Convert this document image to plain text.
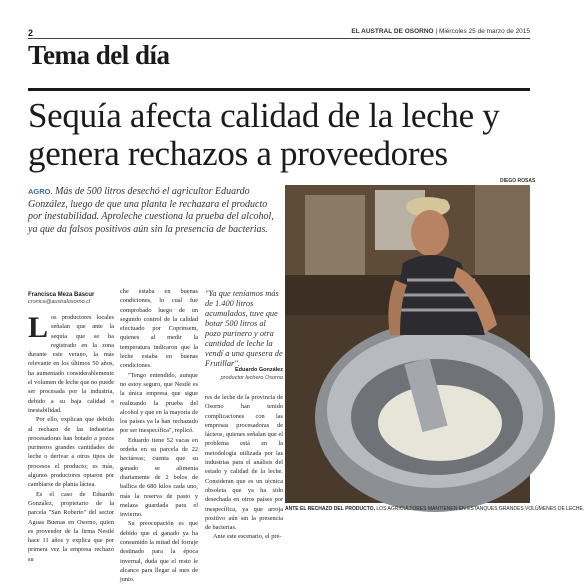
2	EL AUSTRAL DE OSORNO | Miércoles 25 de marzo de 2015
Tema del día
Sequía afecta calidad de la leche y genera rechazos a proveedores
AGRO. Más de 500 litros desechó el agricultor Eduardo González, luego de que una planta le rechazara el producto por inestabilidad. Aproleche cuestiona la prueba del alcohol, ya que da falsos positivos aún sin la presencia de bacterias.
Francisca Meza Bascur
cronica@australosorno.cl
L os productores locales señalan que ante la sequía que se ha registrado en la zona durante este verano, la más relevante en los últimos 50 años, ha aumentado considerablemente el volumen de leche que no puede ser procesada por la industria, debido a su baja calidad e inestabilidad.

Por ello, explican que debido al rechazo de las industrias procesadoras han botado a pozos purineros grandes cantidades de leche o derivar a otros tipos de procesos el producto; es más, algunos productores optaron por cambiarse de planta láctea.

Es el caso de Eduardo González, propietario de la parcela "San Roberto" del sector Aguas Buenas en Osorno, quien es proveedor de la firma Nestlé hace 11 años y explica que por primera vez la empresa rechazó su

che estaba en buenas condiciones, lo cual fue comprobado luego de un segundo control de la calidad efectuado por Coprinsem, quienes al medir la temperatura indicaron que la leche estaba en buenas condiciones.

"Tengo entendido, aunque no estoy seguro, que Nestlé es la única empresa que sigue realizando la prueba del alcohol y que en la mayoría de los países ya la han rechazado por ser inespecífica", replicó.

Eduardo tiene 52 vacas en ordeña en su parcela de 22 hectáreas; cuenta que su ganado se alimenta diariamente de 2 bolos de ballica de 680 kilos cada uno, más la reserva de pasto y melaza guardada para el invierno.

Su preocupación es que debido que el ganado ya ha consumido la mitad del forraje destinado para la época invernal, duda que el resto le alcance para llegar al mes de junio.

"Ya que teníamos más de 1.400 litros acumulados, tuve que botar 500 litros al pozo purinero y otra cantidad de leche la vendí a una quesera de Frutillar".
Eduardo González
productor lechero Osorno

res de leche de la provincia de Osorno han tenido complicaciones con las empresas procesadoras de lácteos, quienes señalan que el problema está en la metodología utilizada por las industrias para el análisis del estado y calidad de la leche. Consideran que es un técnica obsoleta que ya ha sido desechada en otros países por inespecífica, ya que arroja positivo aún sin la presencia de bacterias.

Ante este escenario, el pre-

DIEGO ROSAS
ANTE EL RECHAZO DEL PRODUCTO, LOS AGRICULTORES MANTIENEN EN ESTANQUES GRANDES VOLÚMENES DE LECHE.
